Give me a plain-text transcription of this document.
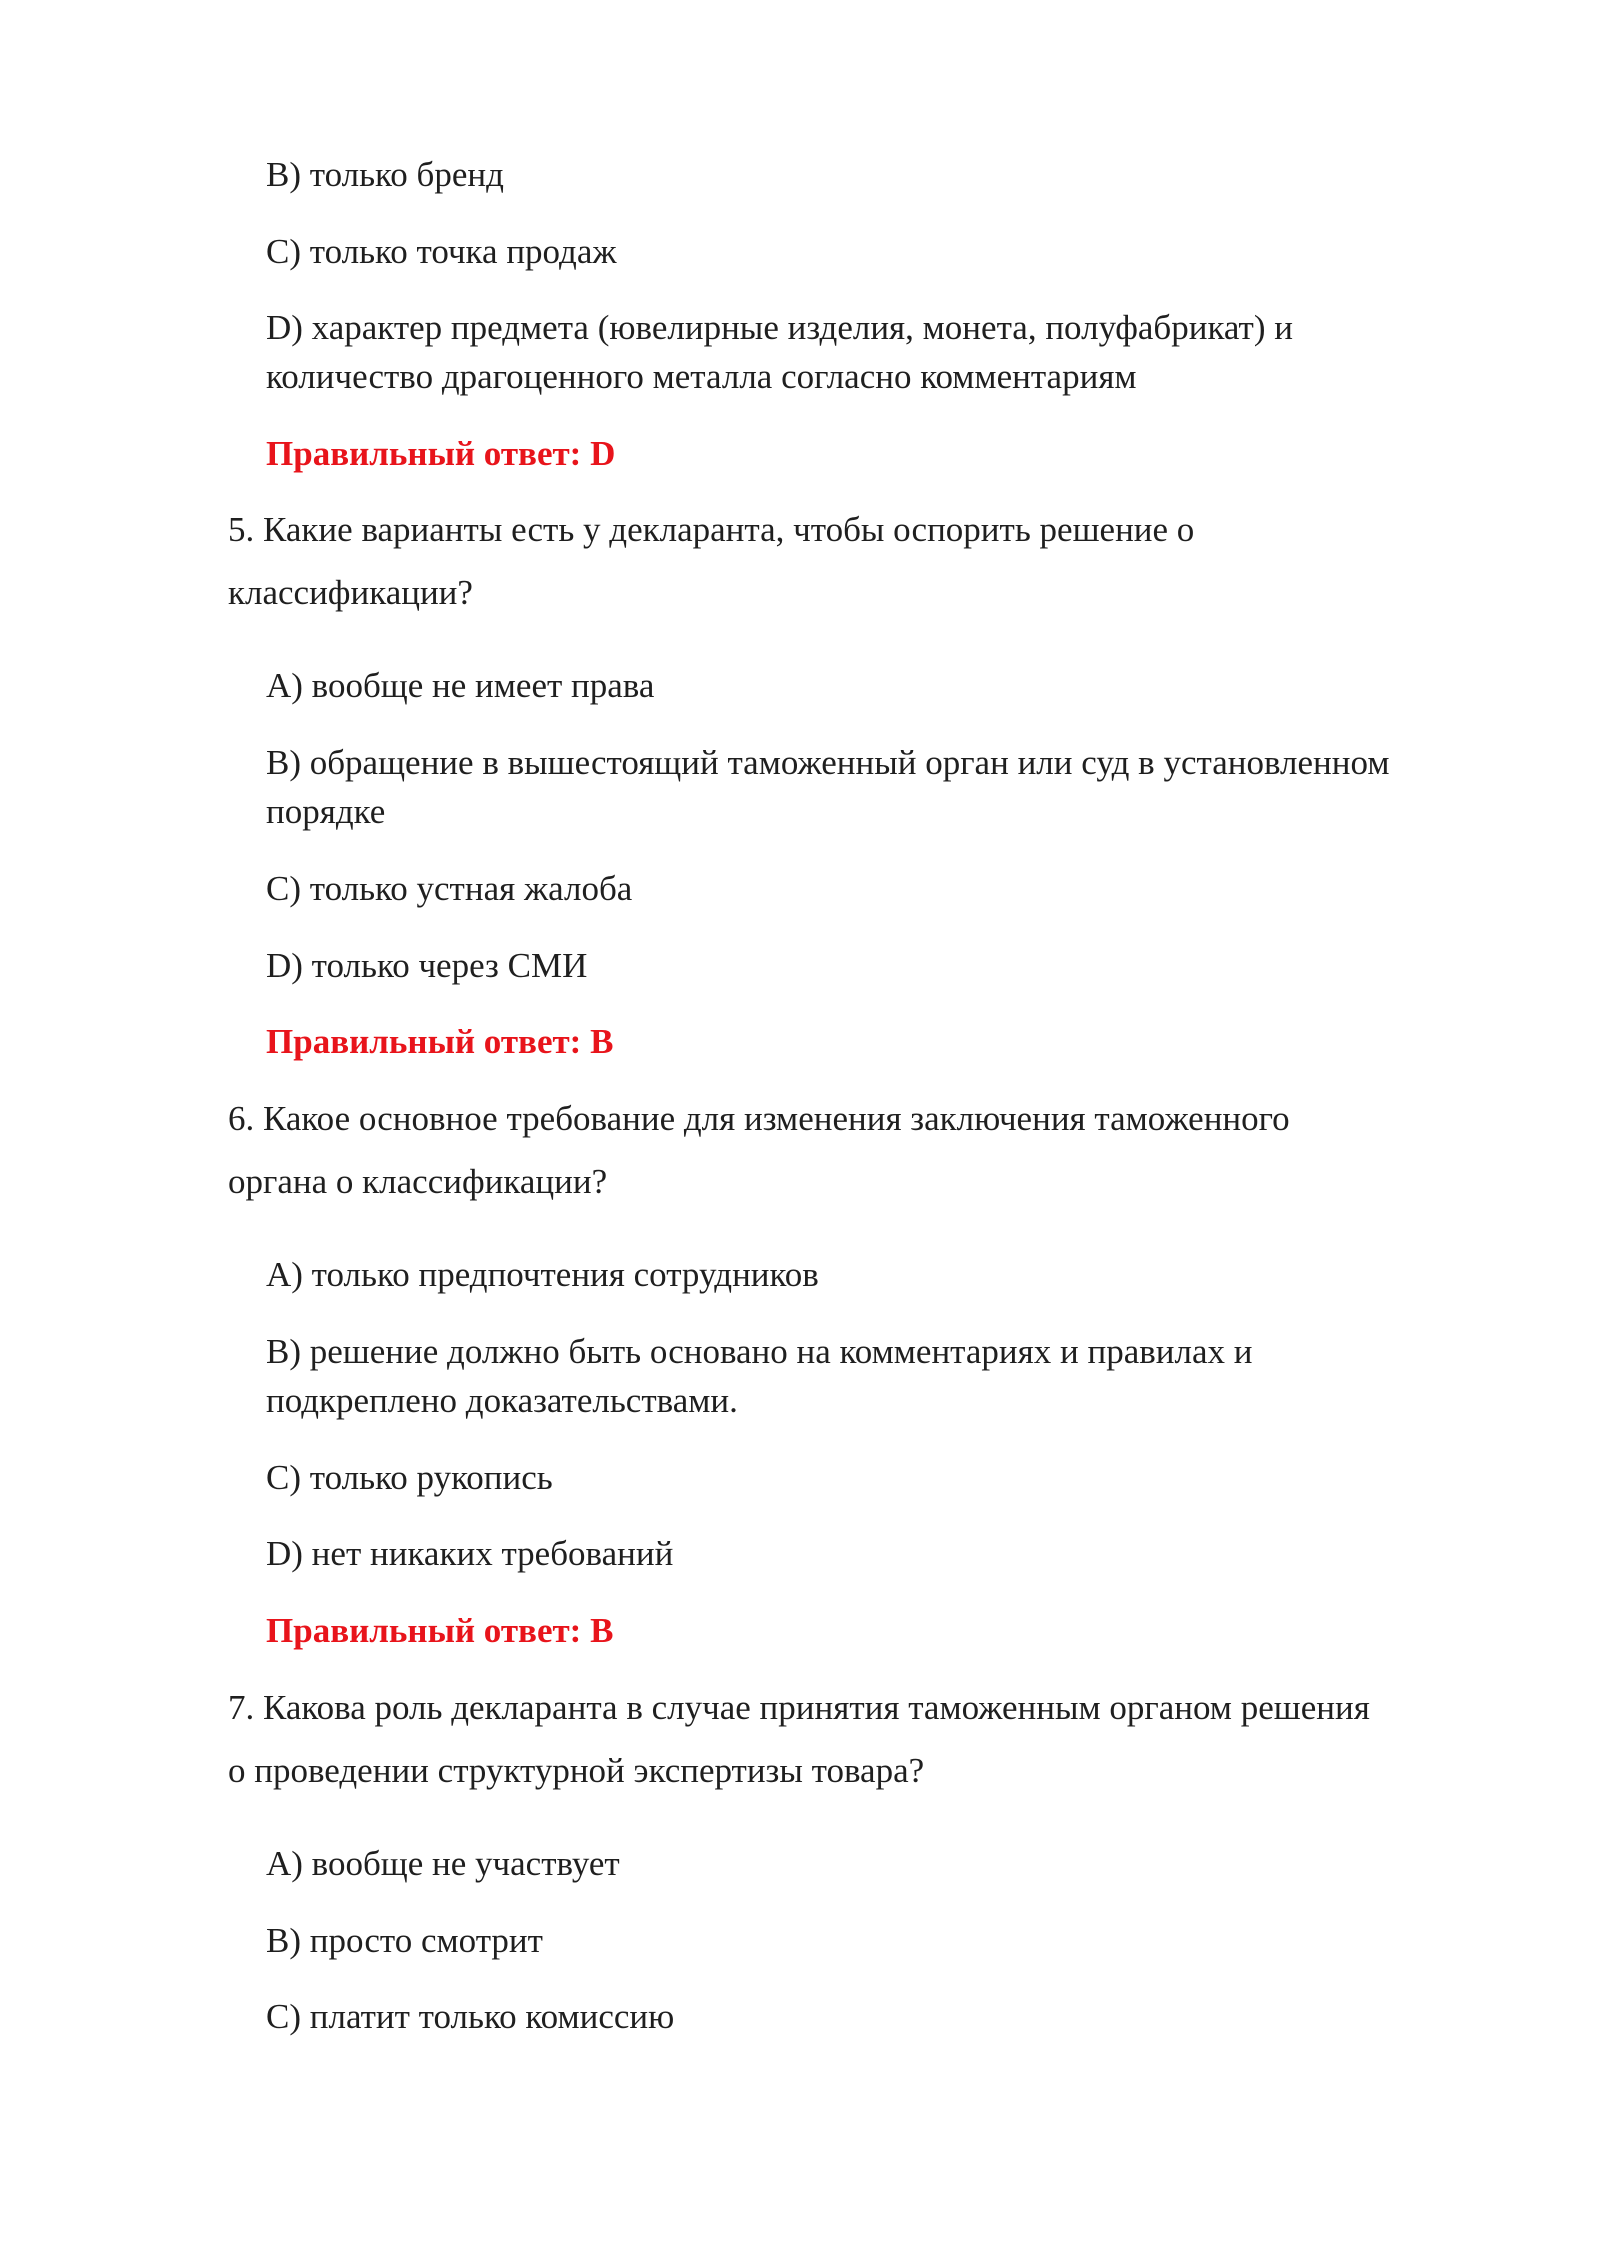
B) только бренд
C) только точка продаж
D) характер предмета (ювелирные изделия, монета, полуфабрикат) и
количество драгоценного металла согласно комментариям
Правильный ответ: D
5. Какие варианты есть у декларанта, чтобы оспорить решение о
классификации?
A) вообще не имеет права
B) обращение в вышестоящий таможенный орган или суд в установленном
порядке
C) только устная жалоба
D) только через СМИ
Правильный ответ: B
6. Какое основное требование для изменения заключения таможенного
органа о классификации?
A) только предпочтения сотрудников
B) решение должно быть основано на комментариях и правилах и
подкреплено доказательствами.
C) только рукопись
D) нет никаких требований
Правильный ответ: B
7. Какова роль декларанта в случае принятия таможенным органом решения
о проведении структурной экспертизы товара?
A) вообще не участвует
B) просто смотрит
C) платит только комиссию
